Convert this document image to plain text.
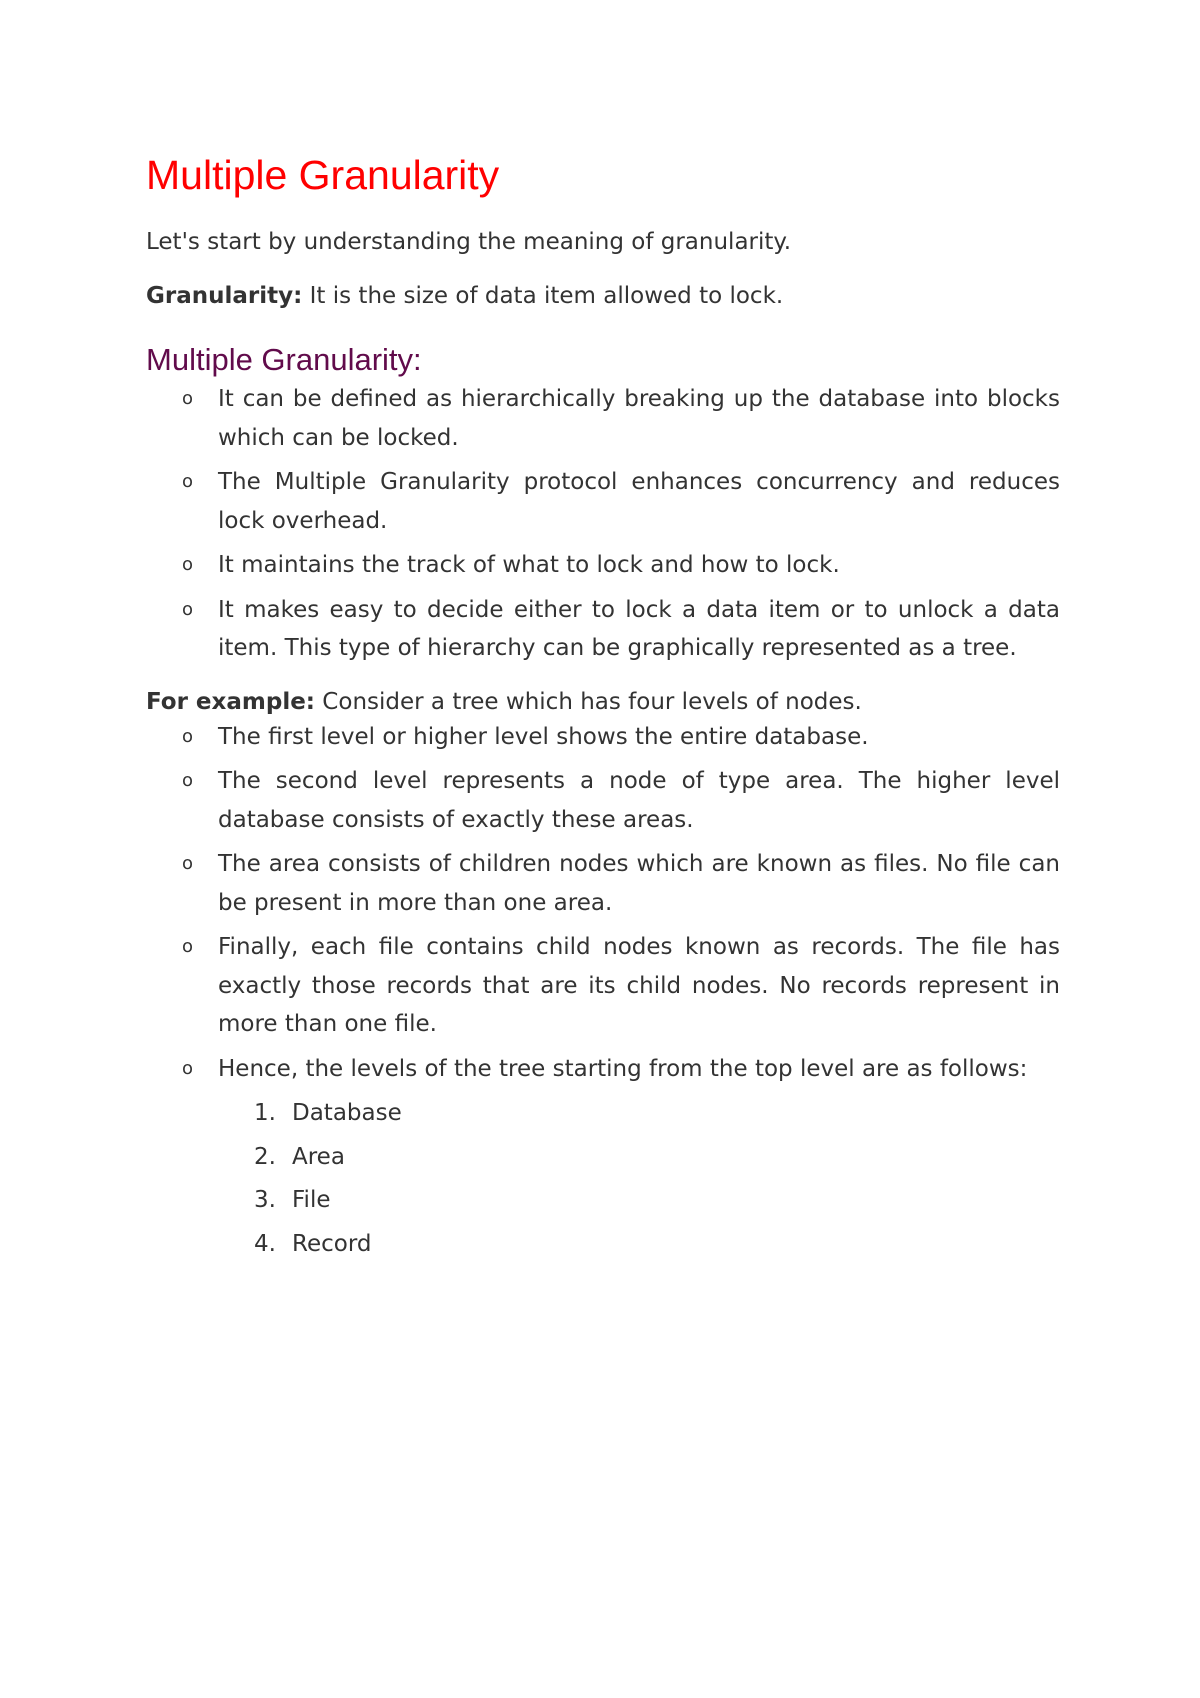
Multiple Granularity

Let's start by understanding the meaning of granularity.

Granularity: It is the size of data item allowed to lock.

Multiple Granularity:
o It can be defined as hierarchically breaking up the database into blocks which can be locked.
o The Multiple Granularity protocol enhances concurrency and reduces lock overhead.
o It maintains the track of what to lock and how to lock.
o It makes easy to decide either to lock a data item or to unlock a data item. This type of hierarchy can be graphically represented as a tree.

For example: Consider a tree which has four levels of nodes.

o The first level or higher level shows the entire database.
o The second level represents a node of type area. The higher level database consists of exactly these areas.
o The area consists of children nodes which are known as files. No file can be present in more than one area.
o Finally, each file contains child nodes known as records. The file has exactly those records that are its child nodes. No records represent in more than one file.
o Hence, the levels of the tree starting from the top level are as follows:
1. Database
2. Area
3. File
4. Record
